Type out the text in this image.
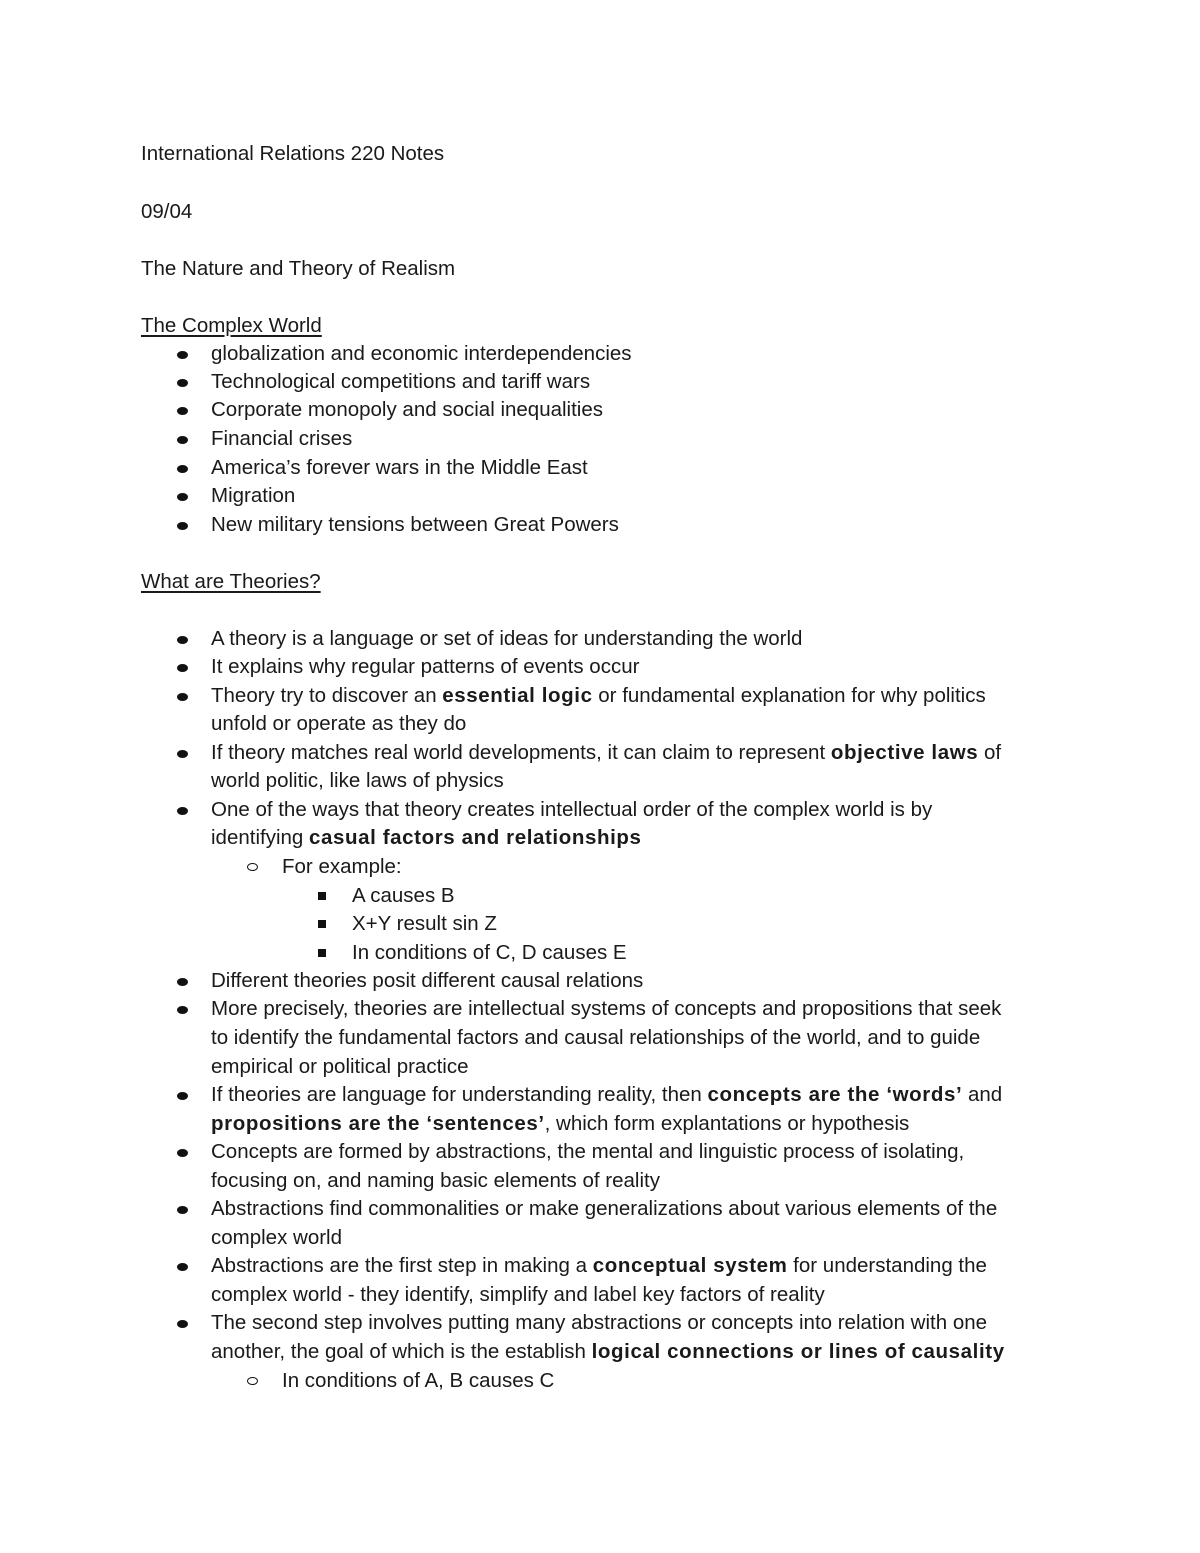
International Relations 220 Notes
09/04
The Nature and Theory of Realism
The Complex World
globalization and economic interdependencies
Technological competitions and tariff wars
Corporate monopoly and social inequalities
Financial crises
America’s forever wars in the Middle East
Migration
New military tensions between Great Powers
What are Theories?
A theory is a language or set of ideas for understanding the world
It explains why regular patterns of events occur
Theory try to discover an essential logic or fundamental explanation for why politics
unfold or operate as they do
If theory matches real world developments, it can claim to represent objective laws of
world politic, like laws of physics
One of the ways that theory creates intellectual order of the complex world is by
identifying casual factors and relationships
For example:
A causes B
X+Y result sin Z
In conditions of C, D causes E
Different theories posit different causal relations
More precisely, theories are intellectual systems of concepts and propositions that seek
to identify the fundamental factors and causal relationships of the world, and to guide
empirical or political practice
If theories are language for understanding reality, then concepts are the ‘words’ and
propositions are the ‘sentences’, which form explantations or hypothesis
Concepts are formed by abstractions, the mental and linguistic process of isolating,
focusing on, and naming basic elements of reality
Abstractions find commonalities or make generalizations about various elements of the
complex world
Abstractions are the first step in making a conceptual system for understanding the
complex world - they identify, simplify and label key factors of reality
The second step involves putting many abstractions or concepts into relation with one
another, the goal of which is the establish logical connections or lines of causality
In conditions of A, B causes C
